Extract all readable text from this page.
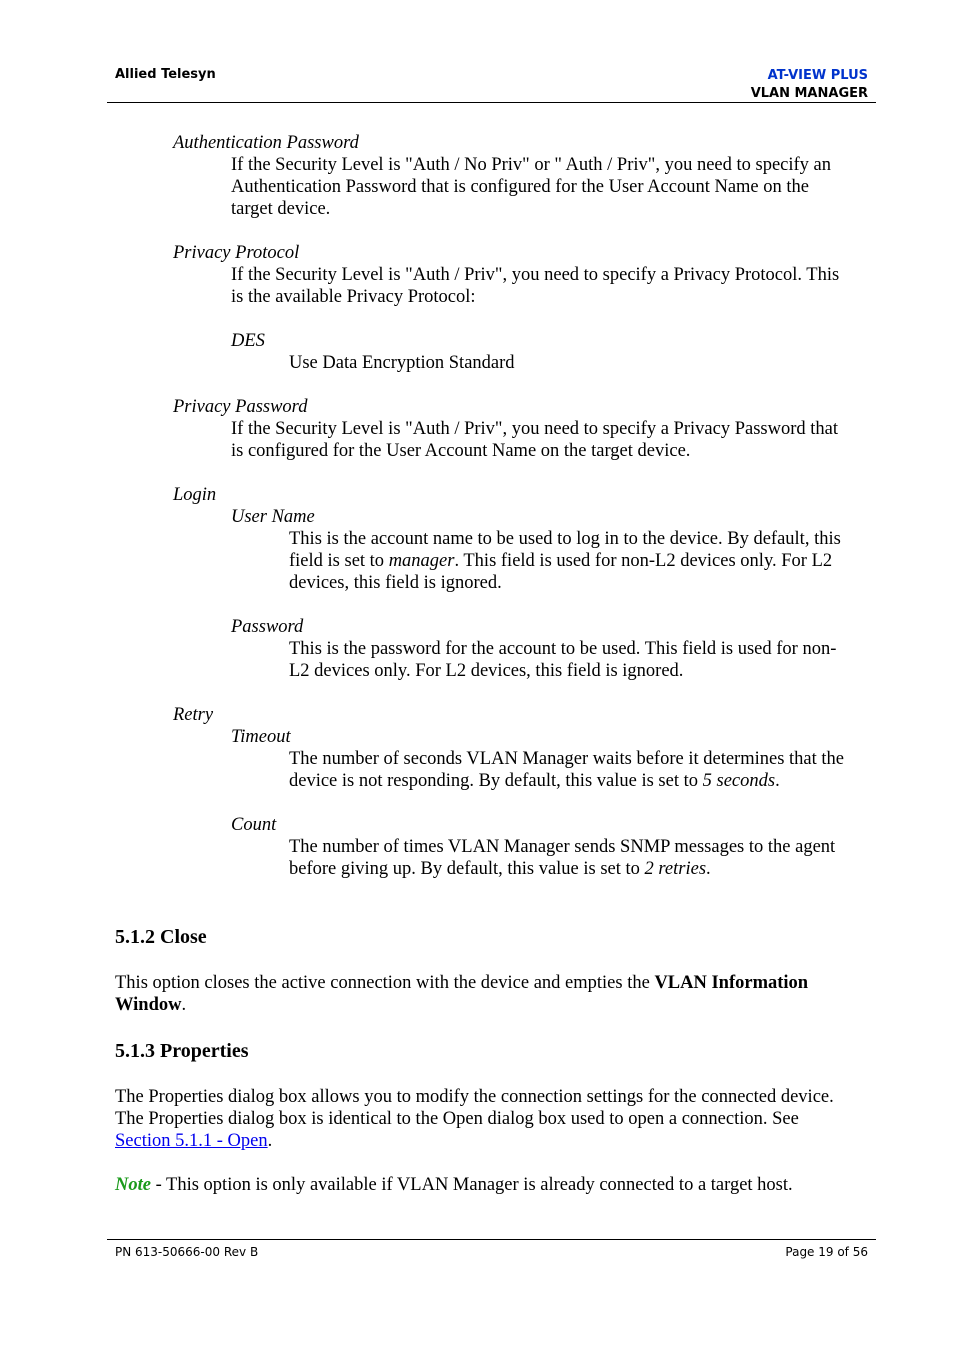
Allied Telesyn	AT-VIEW PLUS
VLAN MANAGER
Authentication Password
If the Security Level is "Auth / No Priv" or " Auth / Priv", you need to specify an
Authentication Password that is configured for the User Account Name on the
target device.
Privacy Protocol
If the Security Level is "Auth / Priv", you need to specify a Privacy Protocol. This
is the available Privacy Protocol:
DES
Use Data Encryption Standard
Privacy Password
If the Security Level is "Auth / Priv", you need to specify a Privacy Password that
is configured for the User Account Name on the target device.
Login
User Name
This is the account name to be used to log in to the device. By default, this
field is set to manager. This field is used for non-L2 devices only. For L2
devices, this field is ignored.
Password
This is the password for the account to be used. This field is used for non-
L2 devices only. For L2 devices, this field is ignored.
Retry
Timeout
The number of seconds VLAN Manager waits before it determines that the
device is not responding. By default, this value is set to 5 seconds.
Count
The number of times VLAN Manager sends SNMP messages to the agent
before giving up. By default, this value is set to 2 retries.
5.1.2 Close
This option closes the active connection with the device and empties the VLAN Information
Window.
5.1.3 Properties
The Properties dialog box allows you to modify the connection settings for the connected device.
The Properties dialog box is identical to the Open dialog box used to open a connection. See
Section 5.1.1 - Open.
Note - This option is only available if VLAN Manager is already connected to a target host.
PN 613-50666-00 Rev B	Page 19 of 56
